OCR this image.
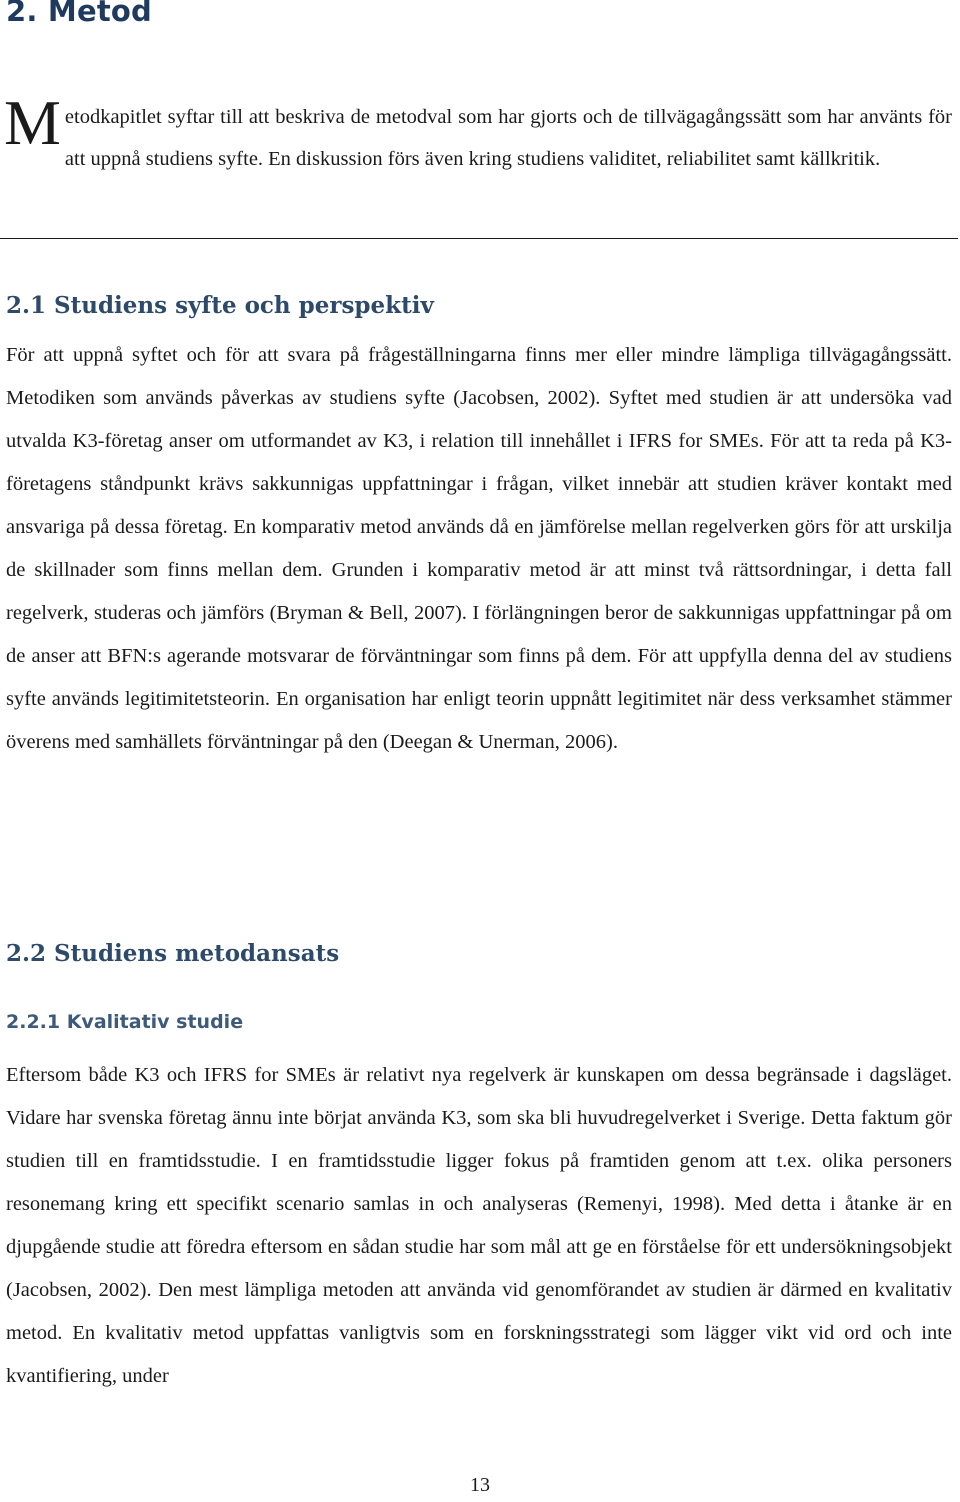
2. Metod
M etodkapitlet syftar till att beskriva de metodval som har gjorts och de tillvägagångssätt som har använts för att uppnå studiens syfte. En diskussion förs även kring studiens validitet, reliabilitet samt källkritik.
2.1 Studiens syfte och perspektiv

För att uppnå syftet och för att svara på frågeställningarna finns mer eller mindre lämpliga tillvägagångssätt. Metodiken som används påverkas av studiens syfte (Jacobsen, 2002). Syftet med studien är att undersöka vad utvalda K3-företag anser om utformandet av K3, i relation till innehållet i IFRS for SMEs. För att ta reda på K3-företagens ståndpunkt krävs sakkunnigas uppfattningar i frågan, vilket innebär att studien kräver kontakt med ansvariga på dessa företag. En komparativ metod används då en jämförelse mellan regelverken görs för att urskilja de skillnader som finns mellan dem. Grunden i komparativ metod är att minst två rättsordningar, i detta fall regelverk, studeras och jämförs (Bryman & Bell, 2007). I förlängningen beror de sakkunnigas uppfattningar på om de anser att BFN:s agerande motsvarar de förväntningar som finns på dem. För att uppfylla denna del av studiens syfte används legitimitetsteorin. En organisation har enligt teorin uppnått legitimitet när dess verksamhet stämmer överens med samhällets förväntningar på den (Deegan & Unerman, 2006).

2.2 Studiens metodansats
2.2.1 Kvalitativ studie

Eftersom både K3 och IFRS for SMEs är relativt nya regelverk är kunskapen om dessa begränsade i dagsläget. Vidare har svenska företag ännu inte börjat använda K3, som ska bli huvudregelverket i Sverige. Detta faktum gör studien till en framtidsstudie. I en framtidsstudie ligger fokus på framtiden genom att t.ex. olika personers resonemang kring ett specifikt scenario samlas in och analyseras (Remenyi, 1998). Med detta i åtanke är en djupgående studie att föredra eftersom en sådan studie har som mål att ge en förståelse för ett undersökningsobjekt (Jacobsen, 2002). Den mest lämpliga metoden att använda vid genomförandet av studien är därmed en kvalitativ metod. En kvalitativ metod uppfattas vanligtvis som en forskningsstrategi som lägger vikt vid ord och inte kvantifiering, under

13
